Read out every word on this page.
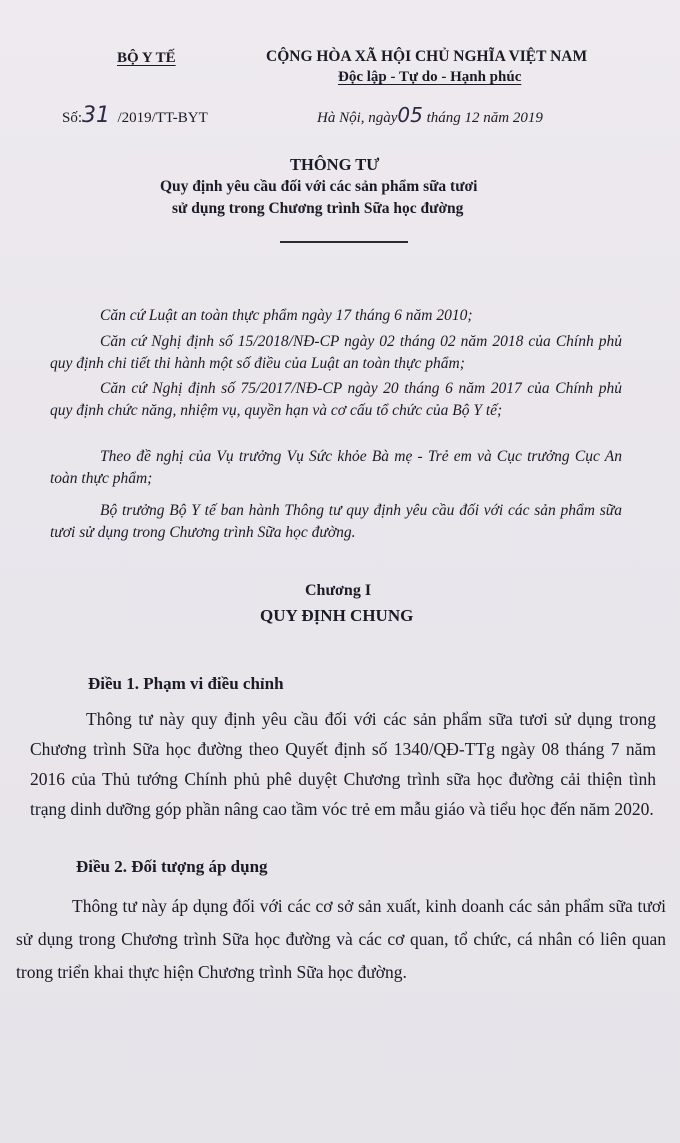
BỘ Y TẾ	CỘNG HÒA XÃ HỘI CHỦ NGHĨA VIỆT NAM
Độc lập - Tự do - Hạnh phúc
Số:31 /2019/TT-BYT	Hà Nội, ngày05 tháng 12 năm 2019
THÔNG TƯ
Quy định yêu cầu đối với các sản phẩm sữa tươi
sử dụng trong Chương trình Sữa học đường
Căn cứ Luật an toàn thực phẩm ngày 17 tháng 6 năm 2010;
Căn cứ Nghị định số 15/2018/NĐ-CP ngày 02 tháng 02 năm 2018 của Chính phủ quy định chi tiết thi hành một số điều của Luật an toàn thực phẩm;
Căn cứ Nghị định số 75/2017/NĐ-CP ngày 20 tháng 6 năm 2017 của Chính phủ quy định chức năng, nhiệm vụ, quyền hạn và cơ cấu tổ chức của Bộ Y tế;
Theo đề nghị của Vụ trưởng Vụ Sức khỏe Bà mẹ - Trẻ em và Cục trưởng Cục An toàn thực phẩm;
Bộ trưởng Bộ Y tế ban hành Thông tư quy định yêu cầu đối với các sản phẩm sữa tươi sử dụng trong Chương trình Sữa học đường.
Chương I
QUY ĐỊNH CHUNG
Điều 1. Phạm vi điều chỉnh
Thông tư này quy định yêu cầu đối với các sản phẩm sữa tươi sử dụng trong Chương trình Sữa học đường theo Quyết định số 1340/QĐ-TTg ngày 08 tháng 7 năm 2016 của Thủ tướng Chính phủ phê duyệt Chương trình sữa học đường cải thiện tình trạng dinh dưỡng góp phần nâng cao tầm vóc trẻ em mẫu giáo và tiểu học đến năm 2020.
Điều 2. Đối tượng áp dụng
Thông tư này áp dụng đối với các cơ sở sản xuất, kinh doanh các sản phẩm sữa tươi sử dụng trong Chương trình Sữa học đường và các cơ quan, tổ chức, cá nhân có liên quan trong triển khai thực hiện Chương trình Sữa học đường.
